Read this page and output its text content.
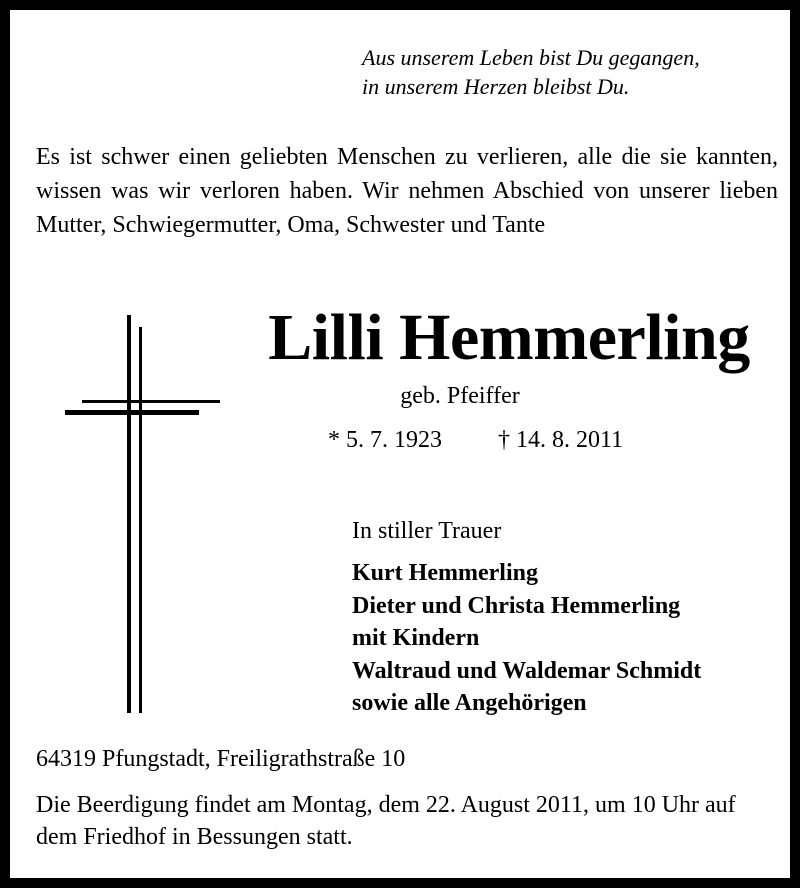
Aus unserem Leben bist Du gegangen,
in unserem Herzen bleibst Du.
Es ist schwer einen geliebten Menschen zu verlieren, alle die sie kannten, wissen was wir verloren haben. Wir nehmen Abschied von unserer lieben Mutter, Schwiegermutter, Oma, Schwester und Tante
Lilli Hemmerling
geb. Pfeiffer
* 5. 7. 1923 † 14. 8. 2011
In stiller Trauer
Kurt Hemmerling
Dieter und Christa Hemmerling
mit Kindern
Waltraud und Waldemar Schmidt
sowie alle Angehörigen
64319 Pfungstadt, Freiligrathstraße 10
Die Beerdigung findet am Montag, dem 22. August 2011, um 10 Uhr auf dem Friedhof in Bessungen statt.
